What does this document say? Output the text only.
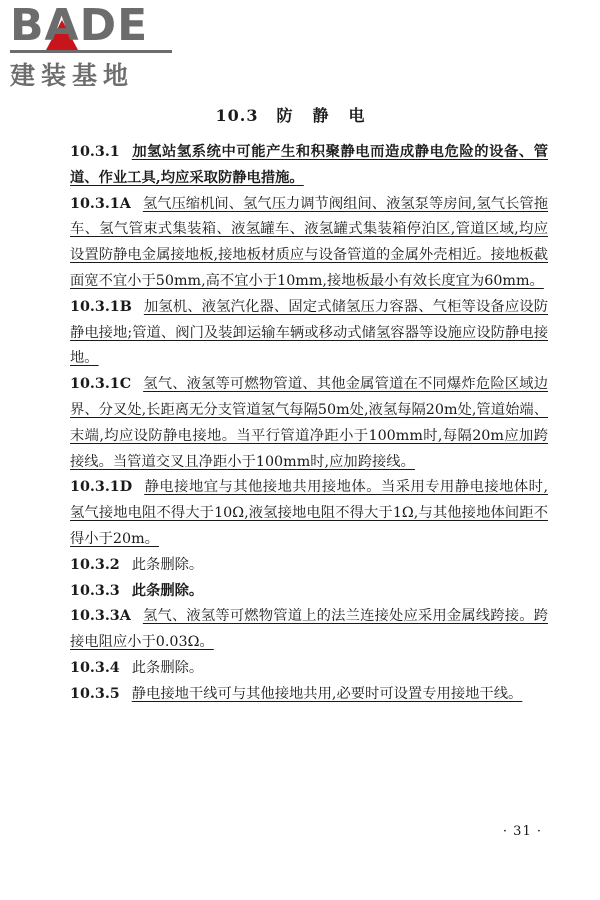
B
ADE
建装基地
10.3 防静电

10.3.1 加氢站氢系统中可能产生和积聚静电而造成静电危险的设备、管道、作业工具,均应采取防静电措施。

10.3.1A 氢气压缩机间、氢气压力调节阀组间、液氢泵等房间,氢气长管拖车、氢气管束式集装箱、液氢罐车、液氢罐式集装箱停泊区,管道区域,均应设置防静电金属接地板,接地板材质应与设备管道的金属外壳相近。接地板截面宽不宜小于50mm,高不宜小于10mm,接地板最小有效长度宜为60mm。

10.3.1B 加氢机、液氢汽化器、固定式储氢压力容器、气柜等设备应设防静电接地;管道、阀门及装卸运输车辆或移动式储氢容器等设施应设防静电接地。

10.3.1C 氢气、液氢等可燃物管道、其他金属管道在不同爆炸危险区域边界、分叉处,长距离无分支管道氢气每隔50m处,液氢每隔20m处,管道始端、末端,均应设防静电接地。当平行管道净距小于100mm时,每隔20m应加跨接线。当管道交叉且净距小于100mm时,应加跨接线。

10.3.1D 静电接地宜与其他接地共用接地体。当采用专用静电接地体时,氢气接地电阻不得大于10Ω,液氢接地电阻不得大于1Ω,与其他接地体间距不得小于20m。

10.3.2 此条删除。

10.3.3 此条删除。

10.3.3A 氢气、液氢等可燃物管道上的法兰连接处应采用金属线跨接。跨接电阻应小于0.03Ω。

10.3.4 此条删除。

10.3.5 静电接地干线可与其他接地共用,必要时可设置专用接地干线。

· 31 ·
